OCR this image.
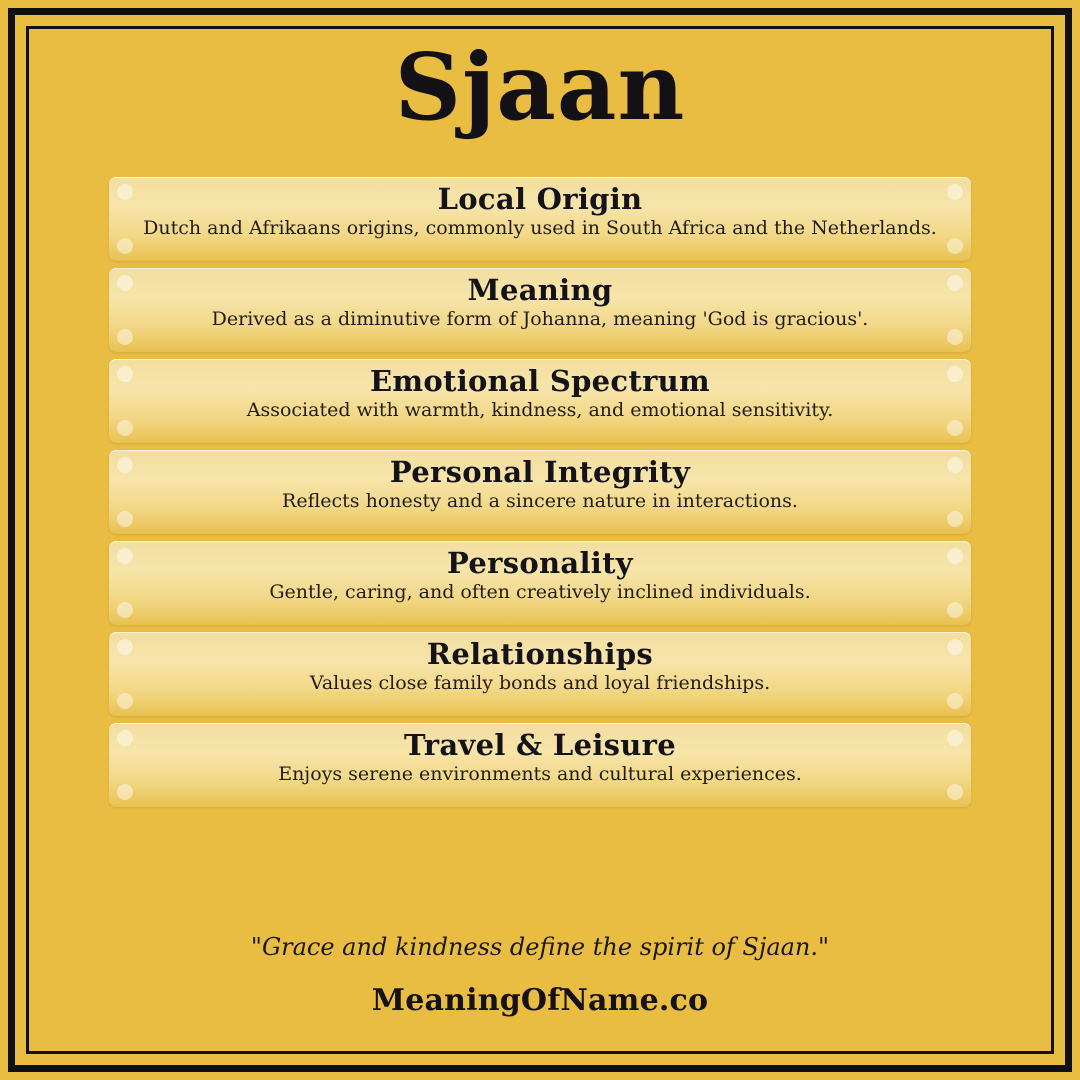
Sjaan
Local Origin
Dutch and Afrikaans origins, commonly used in South Africa and the Netherlands.
Meaning
Derived as a diminutive form of Johanna, meaning 'God is gracious'.
Emotional Spectrum
Associated with warmth, kindness, and emotional sensitivity.
Personal Integrity
Reflects honesty and a sincere nature in interactions.
Personality
Gentle, caring, and often creatively inclined individuals.
Relationships
Values close family bonds and loyal friendships.
Travel & Leisure
Enjoys serene environments and cultural experiences.
"Grace and kindness define the spirit of Sjaan."
MeaningOfName.co
